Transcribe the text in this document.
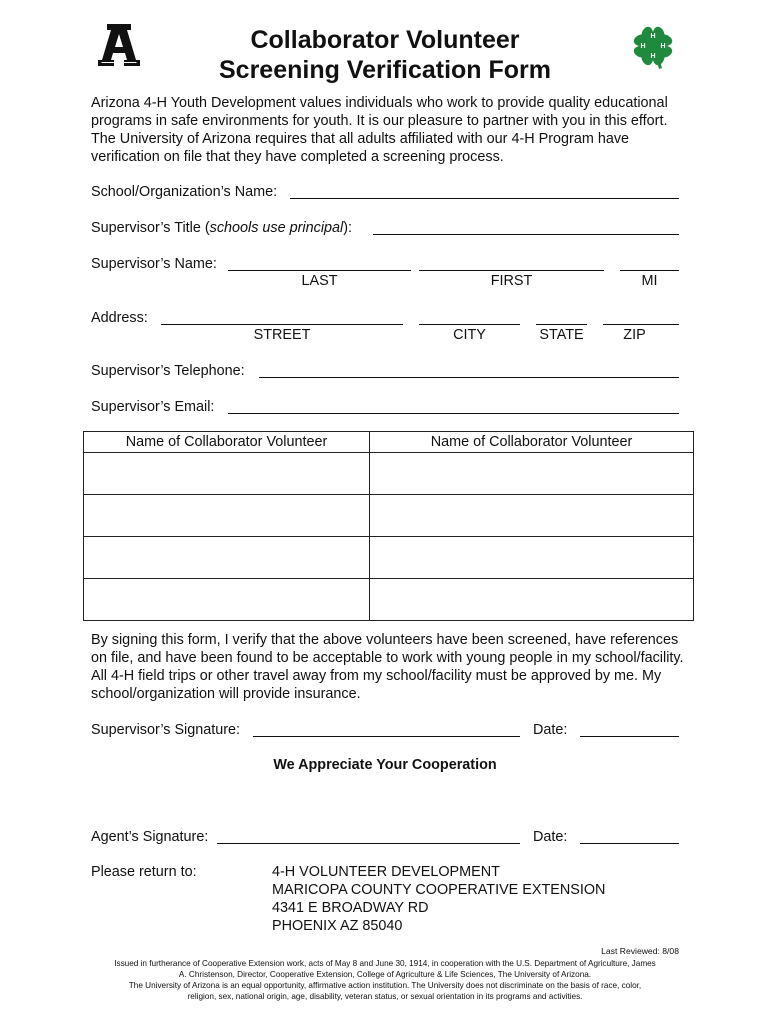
H
H
H H
Collaborator Volunteer
Screening Verification Form
Arizona 4-H Youth Development values individuals who work to provide quality educational programs in safe environments for youth. It is our pleasure to partner with you in this effort. The University of Arizona requires that all adults affiliated with our 4-H Program have verification on file that they have completed a screening process.
School/Organization’s Name:
Supervisor’s Title (schools use principal):
Supervisor’s Name:
LAST	FIRST	MI
Address:
STREET	CITY	STATE	ZIP
Supervisor’s Telephone:
Supervisor’s Email:
Name of Collaborator Volunteer	Name of Collaborator Volunteer

By signing this form, I verify that the above volunteers have been screened, have references on file, and have been found to be acceptable to work with young people in my school/facility. All 4-H field trips or other travel away from my school/facility must be approved by me. My school/organization will provide insurance.
Supervisor’s Signature:	Date:
We Appreciate Your Cooperation
Agent’s Signature:	Date:
Please return to:	4-H VOLUNTEER DEVELOPMENT
MARICOPA COUNTY COOPERATIVE EXTENSION
4341 E BROADWAY RD
PHOENIX AZ 85040
Last Reviewed: 8/08
Issued in furtherance of Cooperative Extension work, acts of May 8 and June 30, 1914, in cooperation with the U.S. Department of Agriculture, James
A. Christenson, Director, Cooperative Extension, College of Agriculture & Life Sciences, The University of Arizona.
The University of Arizona is an equal opportunity, affirmative action institution. The University does not discriminate on the basis of race, color,
religion, sex, national origin, age, disability, veteran status, or sexual orientation in its programs and activities.
